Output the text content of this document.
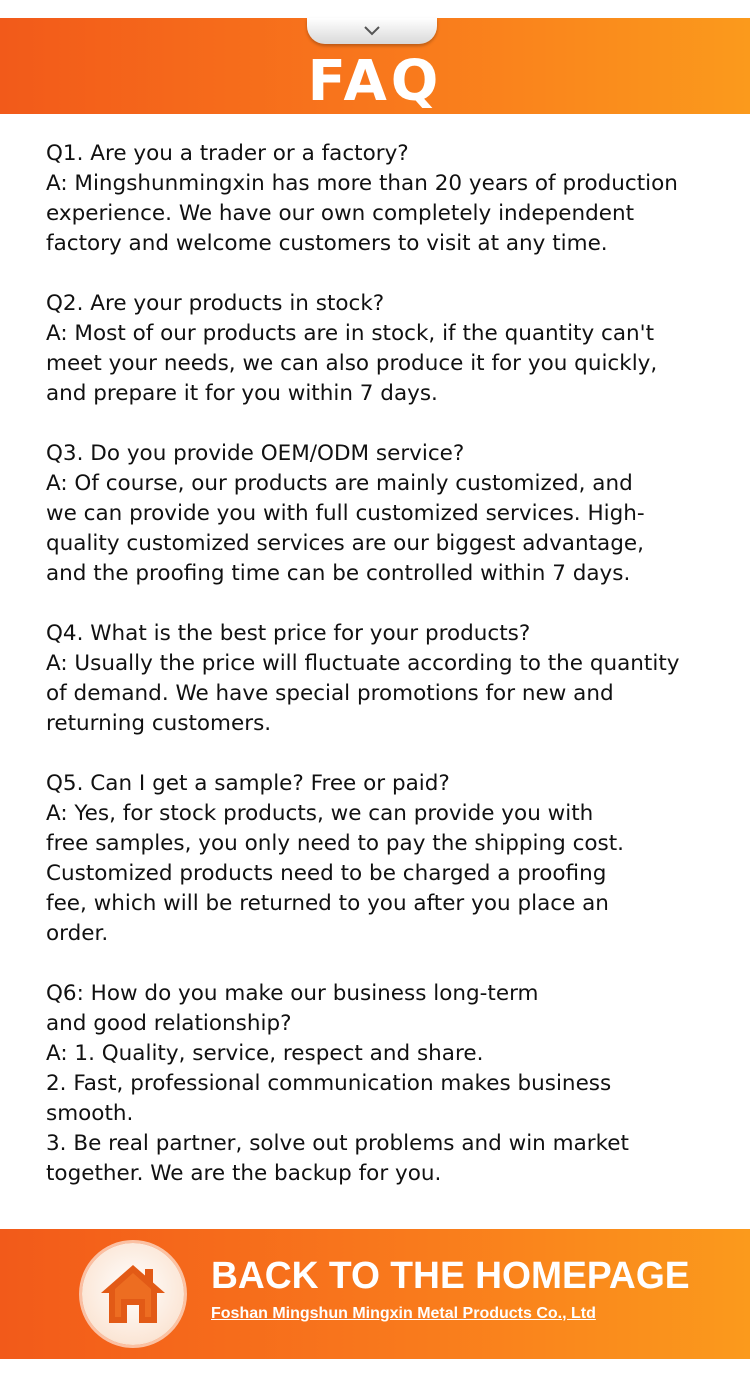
FAQ
Q1. Are you a trader or a factory?
A: Mingshunmingxin has more than 20 years of production
experience. We have our own completely independent
factory and welcome customers to visit at any time.
Q2. Are your products in stock?
A: Most of our products are in stock, if the quantity can't
meet your needs, we can also produce it for you quickly,
and prepare it for you within 7 days.
Q3. Do you provide OEM/ODM service?
A: Of course, our products are mainly customized, and
we can provide you with full customized services. High-
quality customized services are our biggest advantage,
and the proofing time can be controlled within 7 days.
Q4. What is the best price for your products?
A: Usually the price will fluctuate according to the quantity
of demand. We have special promotions for new and
returning customers.
Q5. Can I get a sample? Free or paid?
A: Yes, for stock products, we can provide you with
free samples, you only need to pay the shipping cost.
Customized products need to be charged a proofing
fee, which will be returned to you after you place an
order.
Q6: How do you make our business long-term
and good relationship?
A: 1. Quality, service, respect and share.
2. Fast, professional communication makes business
smooth.
3. Be real partner, solve out problems and win market
together. We are the backup for you.
BACK TO THE HOMEPAGE
Foshan Mingshun Mingxin Metal Products Co., Ltd
